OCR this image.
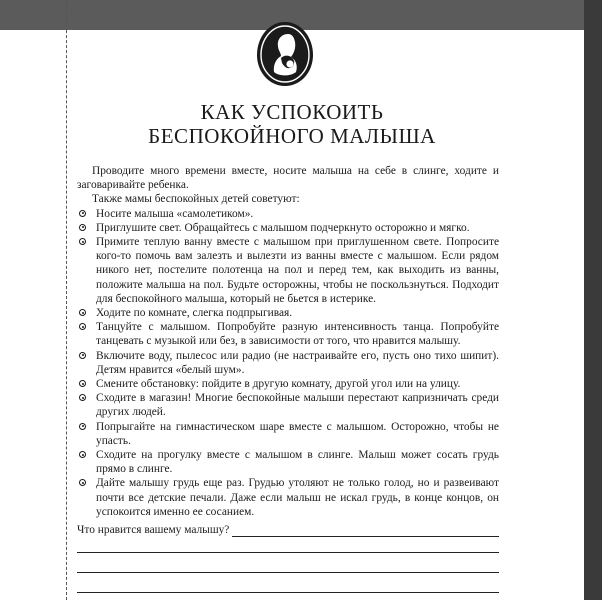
КАК УСПОКОИТЬ
БЕСПОКОЙНОГО МАЛЫША

Проводите много времени вместе, носите малыша на себе в слинге, ходите и заговаривайте ребенка.

Также мамы беспокойных детей советуют:

Носите малыша «самолетиком».
Приглушите свет. Обращайтесь с малышом подчеркнуто осторожно и мягко.
Примите теплую ванну вместе с малышом при приглушенном свете. Попросите кого-то помочь вам залезть и вылезти из ванны вместе с малышом. Если рядом никого нет, постелите полотенца на пол и перед тем, как выходить из ванны, положите малыша на пол. Будьте осторожны, чтобы не поскользнуться. Подходит для беспокойного малыша, который не бьется в истерике.
Ходите по комнате, слегка подпрыгивая.
Танцуйте с малышом. Попробуйте разную интенсивность танца. Попробуйте танцевать с музыкой или без, в зависимости от того, что нравится малышу.
Включите воду, пылесос или радио (не настраивайте его, пусть оно тихо шипит). Детям нравится «белый шум».
Смените обстановку: пойдите в другую комнату, другой угол или на улицу.
Сходите в магазин! Многие беспокойные малыши перестают капризничать среди других людей.
Попрыгайте на гимнастическом шаре вместе с малышом. Осторожно, чтобы не упасть.
Сходите на прогулку вместе с малышом в слинге. Малыш может сосать грудь прямо в слинге.
Дайте малышу грудь еще раз. Грудью утоляют не только голод, но и развеивают почти все детские печали. Даже если малыш не искал грудь, в конце концов, он успокоится именно ее сосанием.
Что нравится вашему малышу?
